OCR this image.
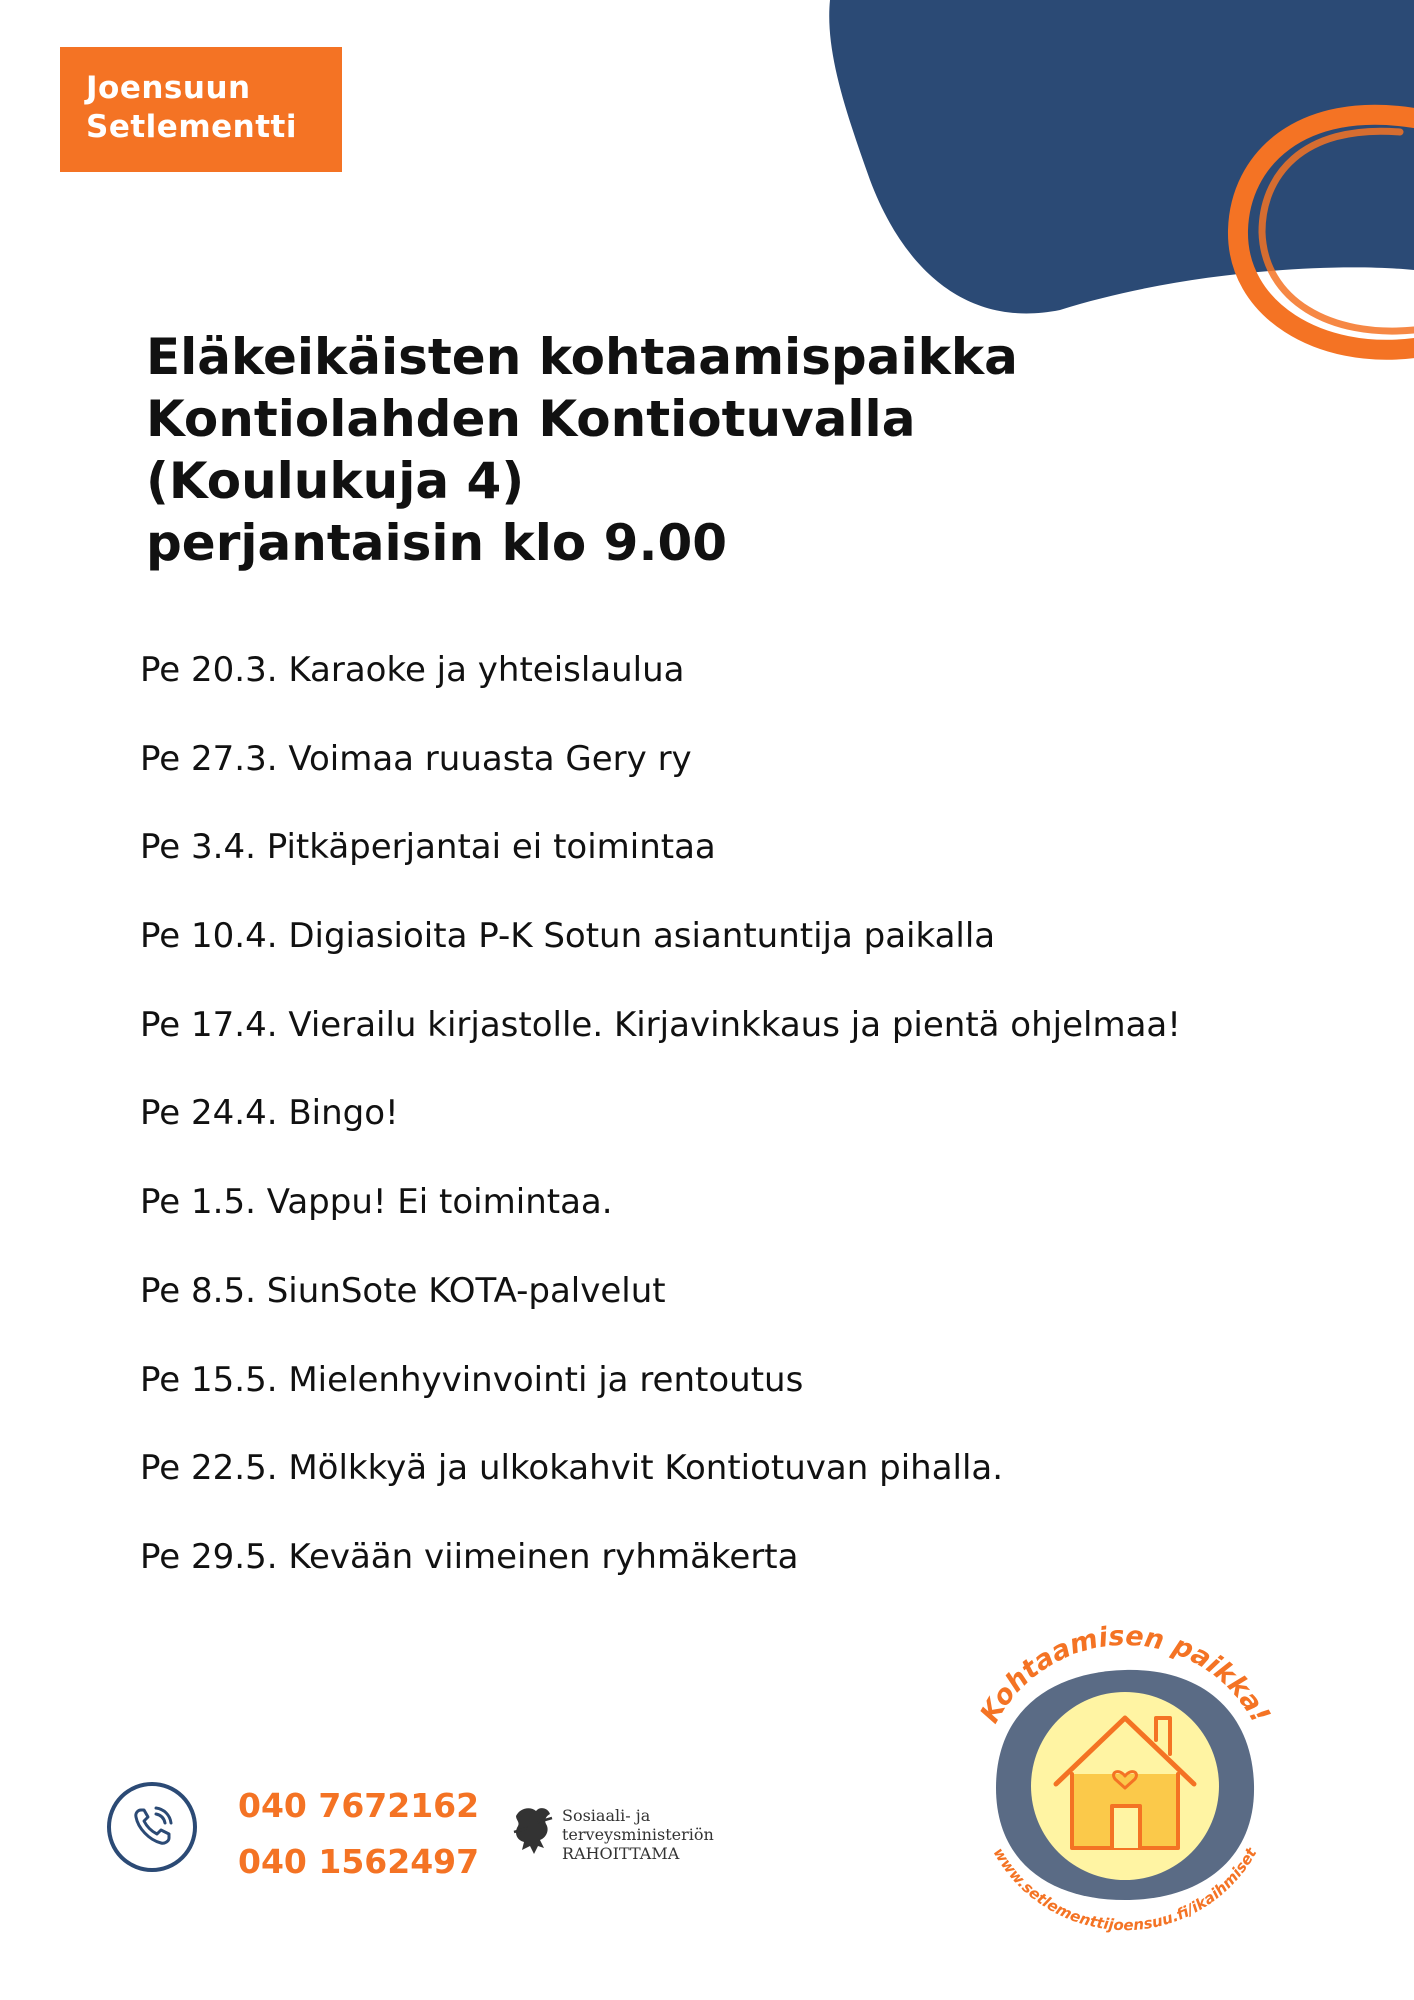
Joensuun
Setlementti
Eläkeikäisten kohtaamispaikka
Kontiolahden Kontiotuvalla
(Koulukuja 4)
perjantaisin klo 9.00
Pe 20.3. Karaoke ja yhteislaulua
Pe 27.3. Voimaa ruuasta Gery ry
Pe 3.4. Pitkäperjantai ei toimintaa
Pe 10.4. Digiasioita P-K Sotun asiantuntija paikalla
Pe 17.4. Vierailu kirjastolle. Kirjavinkkaus ja pientä ohjelmaa!
Pe 24.4. Bingo!
Pe 1.5. Vappu! Ei toimintaa.
Pe 8.5. SiunSote KOTA-palvelut
Pe 15.5. Mielenhyvinvointi ja rentoutus
Pe 22.5. Mölkkyä ja ulkokahvit Kontiotuvan pihalla.
Pe 29.5. Kevään viimeinen ryhmäkerta
040 7672162
040 1562497
Sosiaali- ja
terveysministeriön
RAHOITTAMA
Kohtaamisen paikka!
www.setlementtijoensuu.fi/ikaihmiset
